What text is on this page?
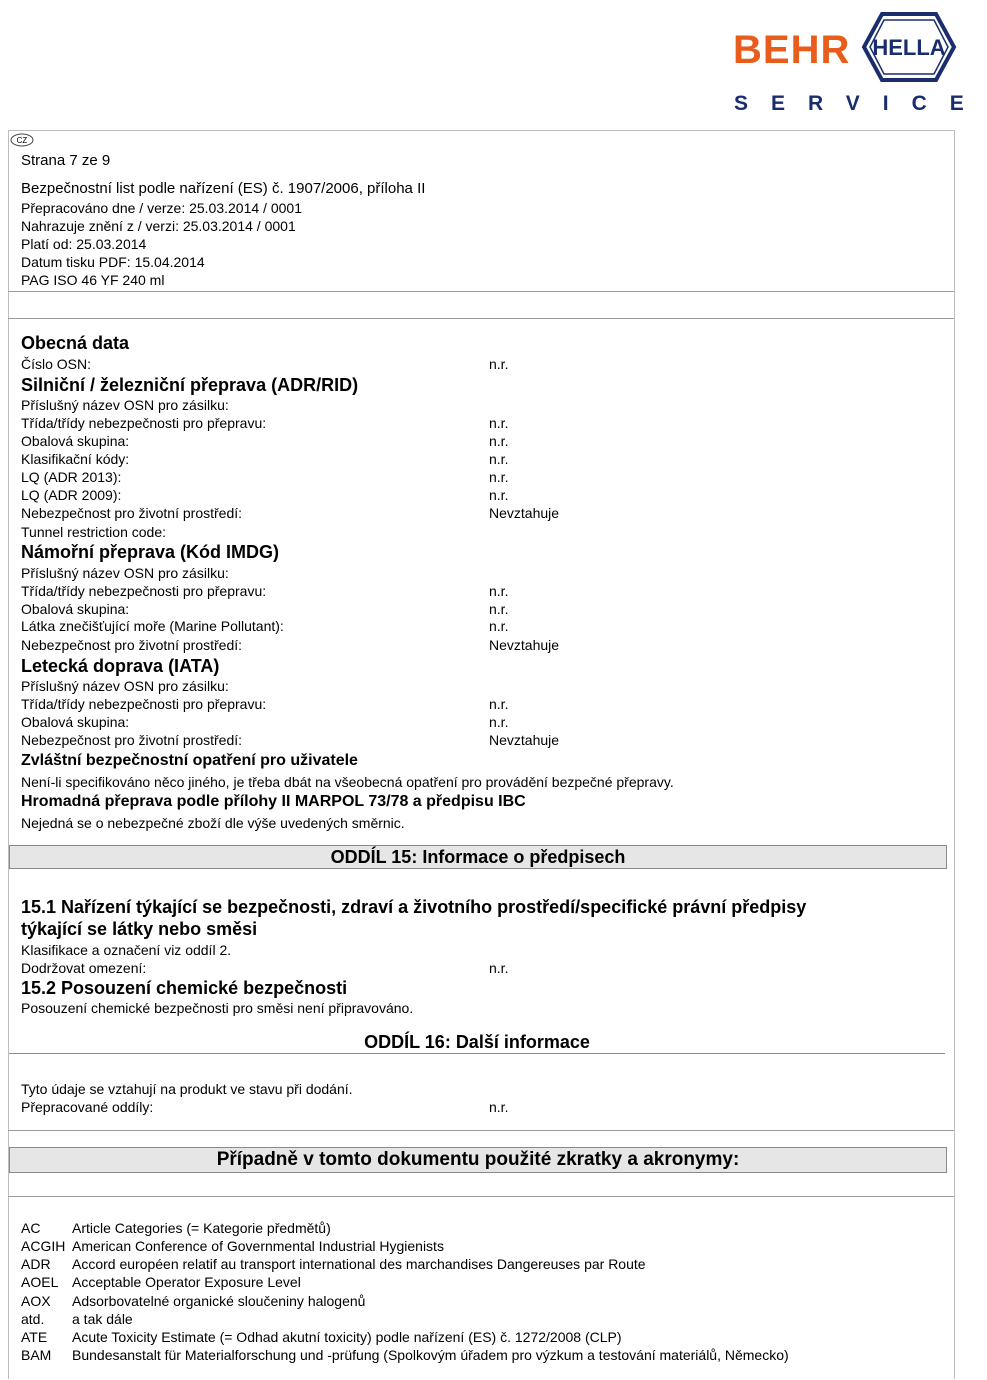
BEHR HELLA
SERVICE
CZ
Strana 7 ze 9
Bezpečnostní list podle nařízení (ES) č. 1907/2006, příloha II
Přepracováno dne / verze: 25.03.2014 / 0001
Nahrazuje znění z / verzi: 25.03.2014 / 0001
Platí od: 25.03.2014
Datum tisku PDF: 15.04.2014
PAG ISO 46 YF 240 ml
Obecná data
Číslo OSN:	n.r.
Silniční / železniční přeprava (ADR/RID)
Příslušný název OSN pro zásilku:
Třída/třídy nebezpečnosti pro přepravu:	n.r.
Obalová skupina:	n.r.
Klasifikační kódy:	n.r.
LQ (ADR 2013):	n.r.
LQ (ADR 2009):	n.r.
Nebezpečnost pro životní prostředí:	Nevztahuje
Tunnel restriction code:
Námořní přeprava (Kód IMDG)
Příslušný název OSN pro zásilku:
Třída/třídy nebezpečnosti pro přepravu:	n.r.
Obalová skupina:	n.r.
Látka znečišťující moře (Marine Pollutant):	n.r.
Nebezpečnost pro životní prostředí:	Nevztahuje
Letecká doprava (IATA)
Příslušný název OSN pro zásilku:
Třída/třídy nebezpečnosti pro přepravu:	n.r.
Obalová skupina:	n.r.
Nebezpečnost pro životní prostředí:	Nevztahuje
Zvláštní bezpečnostní opatření pro uživatele
Není-li specifikováno něco jiného, je třeba dbát na všeobecná opatření pro provádění bezpečné přepravy.
Hromadná přeprava podle přílohy II MARPOL 73/78 a předpisu IBC
Nejedná se o nebezpečné zboží dle výše uvedených směrnic.
ODDÍL 15: Informace o předpisech
15.1 Nařízení týkající se bezpečnosti, zdraví a životního prostředí/specifické právní předpisy
týkající se látky nebo směsi
Klasifikace a označení viz oddíl 2.
Dodržovat omezení:	n.r.
15.2 Posouzení chemické bezpečnosti
Posouzení chemické bezpečnosti pro směsi není připravováno.
ODDÍL 16: Další informace
Tyto údaje se vztahují na produkt ve stavu při dodání.
Přepracované oddíly:	n.r.
Případně v tomto dokumentu použité zkratky a akronymy:
AC Article Categories (= Kategorie předmětů)
ACGIH American Conference of Governmental Industrial Hygienists
ADR Accord européen relatif au transport international des marchandises Dangereuses par Route
AOEL Acceptable Operator Exposure Level
AOX Adsorbovatelné organické sloučeniny halogenů
atd. a tak dále
ATE Acute Toxicity Estimate (= Odhad akutní toxicity) podle nařízení (ES) č. 1272/2008 (CLP)
BAM Bundesanstalt für Materialforschung und -prüfung (Spolkovým úřadem pro výzkum a testování materiálů, Německo)
